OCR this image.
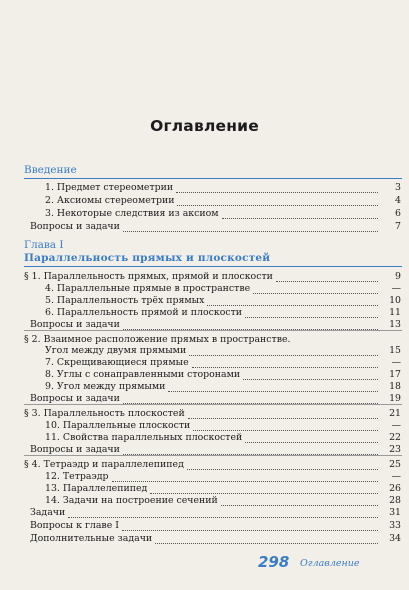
Оглавление
Введение
Глава I
Параллельность прямых и плоскостей
1. Предмет стереометрии	3
2. Аксиомы стереометрии	4
3. Некоторые следствия из аксиом	6
Вопросы и задачи	7
§ 1. Параллельность прямых, прямой и плоскости	9
4. Параллельные прямые в пространстве	—
5. Параллельность трёх прямых	10
6. Параллельность прямой и плоскости	11
Вопросы и задачи	13
§ 2. Взаимное расположение прямых в пространстве.
Угол между двумя прямыми	15
7. Скрещивающиеся прямые	—
8. Углы с сонаправленными сторонами	17
9. Угол между прямыми	18
Вопросы и задачи	19
§ 3. Параллельность плоскостей	21
10. Параллельные плоскости	—
11. Свойства параллельных плоскостей	22
Вопросы и задачи	23
§ 4. Тетраэдр и параллелепипед	25
12. Тетраэдр	—
13. Параллелепипед	26
14. Задачи на построение сечений	28
Задачи	31
Вопросы к главе I	33
Дополнительные задачи	34
298 Оглавление
